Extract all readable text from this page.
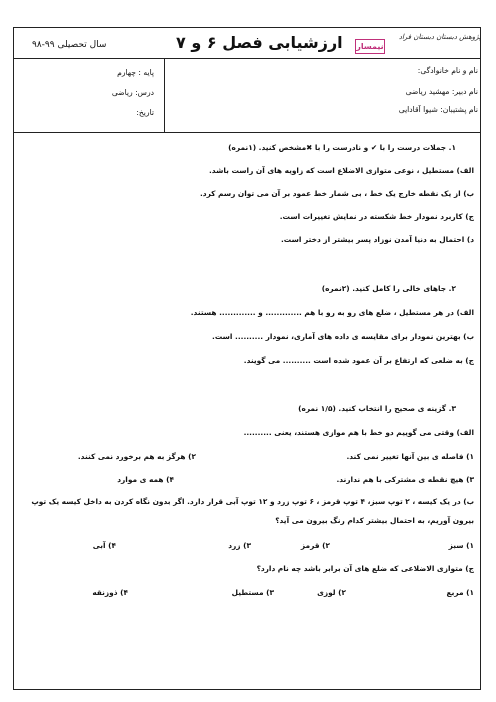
پژوهش دبستان دبستان فراد
نیمسار
ارزشیابی فصل ۶ و ۷
سال تحصیلی ۹۹-۹۸
نام و نام خانوادگی:
نام دبیر: مهشید ریاضی
نام پشتیبان: شیوا آقادایی
پایه : چهارم
درس: ریاضی
تاریخ:
۱. جملات درست را با ✔ و نادرست را با ✖مشخص کنید. (۱نمره)
الف) مستطیل ، نوعی متوازی الاضلاع است که زاویه های آن راست باشد.
ب) از یک نقطه خارج یک خط ، بی شمار خط عمود بر آن می توان رسم کرد.
ج) کاربرد نمودار خط شکسته در نمایش تغییرات است.
د) احتمال به دنیا آمدن نوزاد پسر بیشتر از دختر است.
۲. جاهای خالی را کامل کنید. (۲نمره)
الف) در هر مستطیل ، ضلع های رو به رو با هم ............. و ............. هستند.
ب) بهترین نمودار برای مقایسه ی داده های آماری، نمودار .......... است.
ج) به ضلعی که ارتفاع بر آن عمود شده است .......... می گویند.
۳. گزینه ی صحیح را انتخاب کنید. (۱/۵ نمره)
الف) وقتی می گوییم دو خط با هم موازی هستند، یعنی ..........
۱) فاصله ی بین آنها تغییر نمی کند.
۲) هرگز به هم برخورد نمی کنند.
۳) هیچ نقطه ی مشترکی با هم ندارند.
۴) همه ی موارد
ب) در یک کیسه ، ۲ توپ سبز، ۴ توپ قرمز ، ۶ توپ زرد و ۱۲ توپ آبی قرار دارد. اگر بدون نگاه کردن به داخل کیسه یک توپ
بیرون آوریم، به احتمال بیشتر کدام رنگ بیرون می آید؟
۱) سبز
۲) قرمز
۳) زرد
۴) آبی
ج) متوازی الاضلاعی که ضلع های آن برابر باشد چه نام دارد؟
۱) مربع
۲) لوزی
۳) مستطیل
۴) ذوزنقه
